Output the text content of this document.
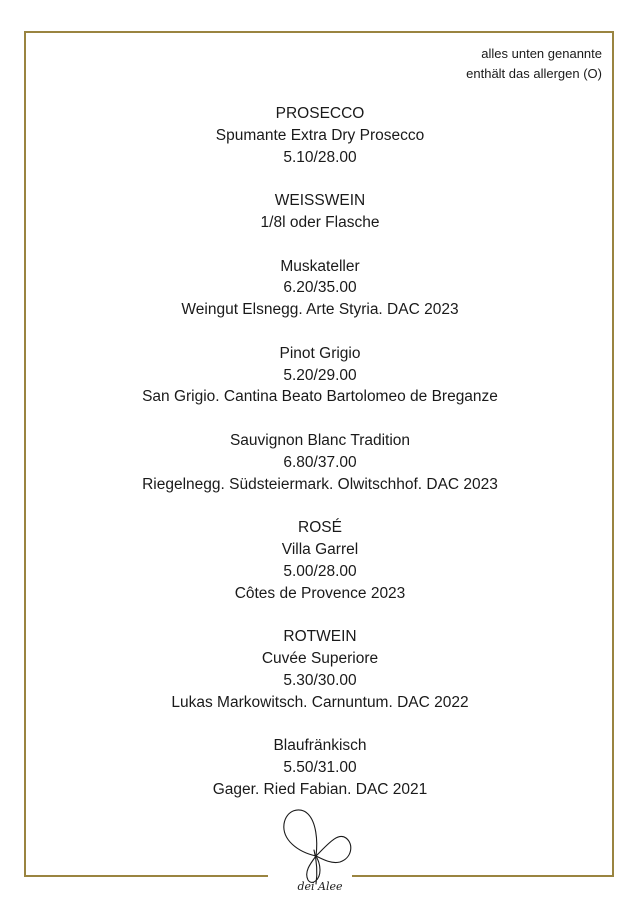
alles unten genannte
enthält das allergen (O)
PROSECCO
Spumante Extra Dry Prosecco
5.10/28.00
WEISSWEIN
1/8l oder Flasche
Muskateller
6.20/35.00
Weingut Elsnegg. Arte Styria. DAC 2023
Pinot Grigio
5.20/29.00
San Grigio. Cantina Beato Bartolomeo de Breganze
Sauvignon Blanc Tradition
6.80/37.00
Riegelnegg. Südsteiermark. Olwitschhof. DAC 2023
ROSÉ
Villa Garrel
5.00/28.00
Côtes de Provence 2023
ROTWEIN
Cuvée Superiore
5.30/30.00
Lukas Markowitsch. Carnuntum. DAC 2022
Blaufränkisch
5.50/31.00
Gager. Ried Fabian. DAC 2021
dei Alee
